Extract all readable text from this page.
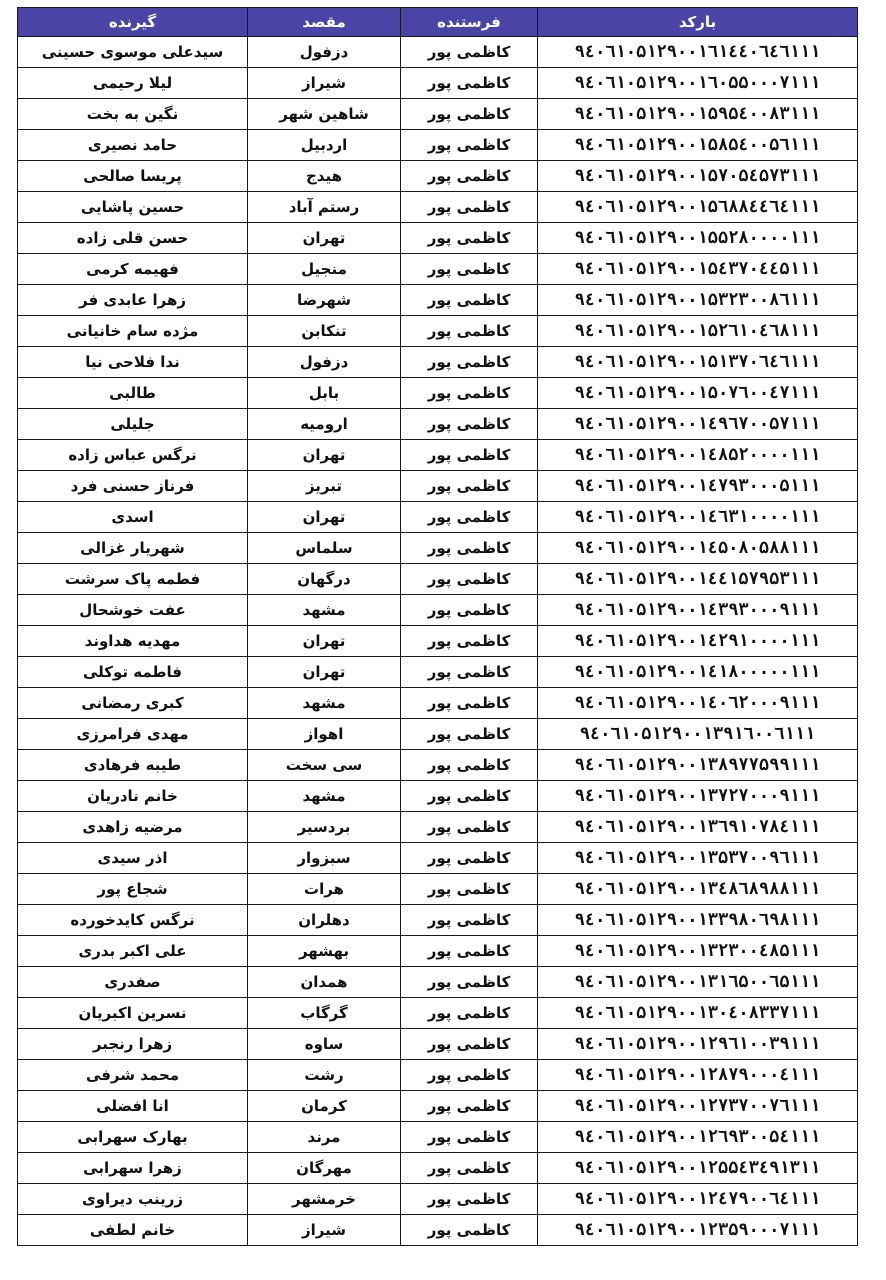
بارکد	فرستنده	مقصد	گیرنده
۹٤۰٦۱۰۵۱۲۹۰۰۱٦۱٤٤۰٦٤٦۱۱۱	کاظمی پور	دزفول	سیدعلی موسوی حسینی
۹٤۰٦۱۰۵۱۲۹۰۰۱٦۰۵۵۰۰۰۷۱۱۱	کاظمی پور	شیراز	لیلا رحیمی
۹٤۰٦۱۰۵۱۲۹۰۰۱۵۹۵٤۰۰۸۳۱۱۱	کاظمی پور	شاهین شهر	نگین به بخت
۹٤۰٦۱۰۵۱۲۹۰۰۱۵۸۵٤۰۰۵٦۱۱۱	کاظمی پور	اردبیل	حامد نصیری
۹٤۰٦۱۰۵۱۲۹۰۰۱۵۷۰۵٤۵۷۳۱۱۱	کاظمی پور	هیدج	پریسا صالحی
۹٤۰٦۱۰۵۱۲۹۰۰۱۵٦۸۸٤٤٦٤۱۱۱	کاظمی پور	رستم آباد	حسین پاشایی
۹٤۰٦۱۰۵۱۲۹۰۰۱۵۵۲۸۰۰۰۰۱۱۱	کاظمی پور	تهران	حسن قلی زاده
۹٤۰٦۱۰۵۱۲۹۰۰۱۵٤۳۷۰٤٤۵۱۱۱	کاظمی پور	منجیل	فهیمه کرمی
۹٤۰٦۱۰۵۱۲۹۰۰۱۵۳۲۳۰۰۸٦۱۱۱	کاظمی پور	شهرضا	زهرا عابدی فر
۹٤۰٦۱۰۵۱۲۹۰۰۱۵۲٦۱۰٤٦۸۱۱۱	کاظمی پور	تنکابن	مژده سام خانیانی
۹٤۰٦۱۰۵۱۲۹۰۰۱۵۱۳۷۰٦٤٦۱۱۱	کاظمی پور	دزفول	ندا فلاحی نیا
۹٤۰٦۱۰۵۱۲۹۰۰۱۵۰۷٦۰۰٤۷۱۱۱	کاظمی پور	بابل	طالبی
۹٤۰٦۱۰۵۱۲۹۰۰۱٤۹٦۷۰۰۵۷۱۱۱	کاظمی پور	ارومیه	جلیلی
۹٤۰٦۱۰۵۱۲۹۰۰۱٤۸۵۲۰۰۰۰۱۱۱	کاظمی پور	تهران	نرگس عباس زاده
۹٤۰٦۱۰۵۱۲۹۰۰۱٤۷۹۳۰۰۰۵۱۱۱	کاظمی پور	تبریز	فرناز حسنی فرد
۹٤۰٦۱۰۵۱۲۹۰۰۱٤٦۳۱۰۰۰۰۱۱۱	کاظمی پور	تهران	اسدی
۹٤۰٦۱۰۵۱۲۹۰۰۱٤۵۰۸۰۵۸۸۱۱۱	کاظمی پور	سلماس	شهریار غزالی
۹٤۰٦۱۰۵۱۲۹۰۰۱٤٤۱۵۷۹۵۳۱۱۱	کاظمی پور	درگهان	فطمه پاک سرشت
۹٤۰٦۱۰۵۱۲۹۰۰۱٤۳۹۳۰۰۰۹۱۱۱	کاظمی پور	مشهد	عفت خوشحال
۹٤۰٦۱۰۵۱۲۹۰۰۱٤۲۹۱۰۰۰۰۱۱۱	کاظمی پور	تهران	مهدیه هداوند
۹٤۰٦۱۰۵۱۲۹۰۰۱٤۱۸۰۰۰۰۰۱۱۱	کاظمی پور	تهران	فاطمه توکلی
۹٤۰٦۱۰۵۱۲۹۰۰۱٤۰٦۲۰۰۰۹۱۱۱	کاظمی پور	مشهد	کبری رمضانی
۹٤۰٦۱۰۵۱۲۹۰۰۱۳۹۱٦۰۰٦۱۱۱	کاظمی پور	اهواز	مهدی فرامرزی
۹٤۰٦۱۰۵۱۲۹۰۰۱۳۸۹۷۷۵۹۹۱۱۱	کاظمی پور	سی سخت	طیبه فرهادی
۹٤۰٦۱۰۵۱۲۹۰۰۱۳۷۲۷۰۰۰۹۱۱۱	کاظمی پور	مشهد	خانم نادریان
۹٤۰٦۱۰۵۱۲۹۰۰۱۳٦۹۱۰۷۸٤۱۱۱	کاظمی پور	بردسیر	مرضیه زاهدی
۹٤۰٦۱۰۵۱۲۹۰۰۱۳۵۳۷۰۰۹٦۱۱۱	کاظمی پور	سبزوار	اذر سیدی
۹٤۰٦۱۰۵۱۲۹۰۰۱۳٤٨٦٨٩٨٨۱۱۱	کاظمی پور	هرات	شجاع پور
۹٤۰٦۱۰۵۱۲۹۰۰۱۳۳۹۸۰٦۹۸۱۱۱	کاظمی پور	دهلران	نرگس کایدخورده
۹٤۰٦۱۰۵۱۲۹۰۰۱۳۲۳۰۰٤۸۵۱۱۱	کاظمی پور	بهشهر	علی اکبر بدری
۹٤۰٦۱۰۵۱۲۹۰۰۱۳۱٦۵۰۰٦۵۱۱۱	کاظمی پور	همدان	صفدری
۹٤۰٦۱۰۵۱۲۹۰۰۱۳۰٤۰۸۳۳۷۱۱۱	کاظمی پور	گرگاب	نسرین اکبریان
۹٤۰٦۱۰۵۱۲۹۰۰۱۲۹٦۱۰۰۳۹۱۱۱	کاظمی پور	ساوه	زهرا رنجبر
۹٤۰٦۱۰۵۱۲۹۰۰۱۲۸۷۹۰۰۰٤۱۱۱	کاظمی پور	رشت	محمد شرفی
۹٤۰٦۱۰۵۱۲۹۰۰۱۲۷۳۷۰۰۷٦۱۱۱	کاظمی پور	کرمان	انا افضلی
۹٤۰٦۱۰۵۱۲۹۰۰۱۲٦۹۳۰۰۵٤۱۱۱	کاظمی پور	مرند	بهارک سهرابی
۹٤۰٦۱۰۵۱۲۹۰۰۱۲۵۵٤۳٤۹۱۳۱۱	کاظمی پور	مهرگان	زهرا سهرابی
۹٤۰٦۱۰۵۱۲۹۰۰۱۲٤۷۹۰۰٦٤۱۱۱	کاظمی پور	خرمشهر	زرینب دیراوی
۹٤۰٦۱۰۵۱۲۹۰۰۱۲۳۵۹۰۰۰۷۱۱۱	کاظمی پور	شیراز	خانم لطفی
